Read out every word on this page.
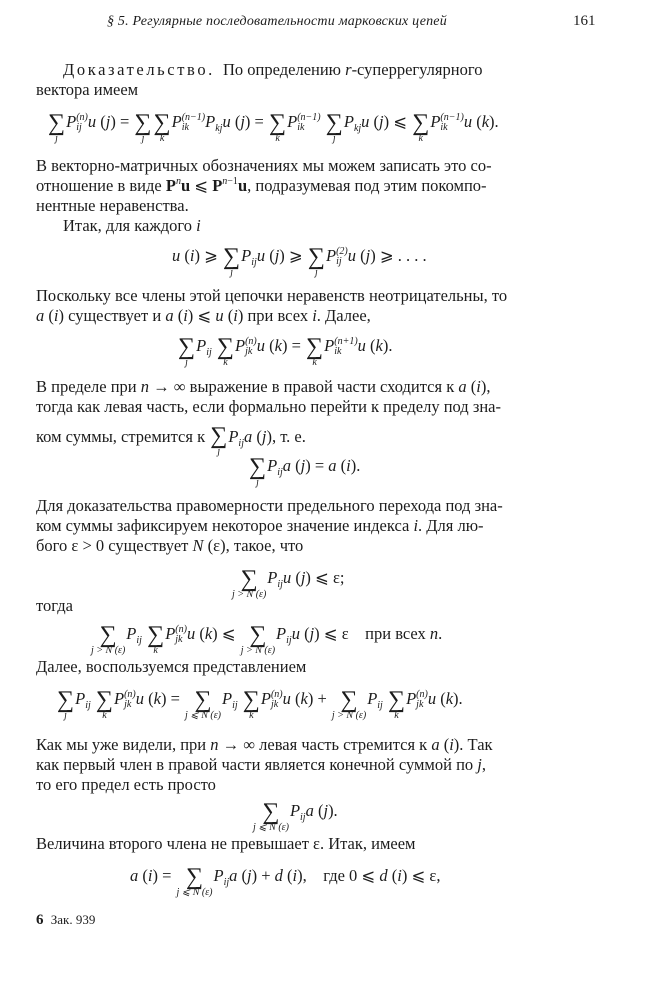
§ 5. Регулярные последовательности марковских цепей	161
Доказательство. По определению r-суперрегулярного
вектора имеем
∑
j
P (n)
ij u (j) = ∑
j
∑
k
P (n−1)
ik $P_{kj}u$ (j) = ∑
k
P (n−1)
ik
∑
j
$P_{kj}u$ (j) ⩽ ∑
k
P (n−1)
ik u (k).
В векторно-матричных обозначениях мы можем записать это со-
отношение в виде $P^nu$ ⩽ $P^{n-1}u$, подразумевая под этим покомпо-
нентные неравенства.
Итак, для каждого i
u (i) ⩾ ∑
j
$P_{ij}u$ (j) ⩾ ∑
j
P (2)
ij u (j) ⩾ . . . .
Поскольку все члены этой цепочки неравенств неотрицательны, то
a (i) существует и a (i) ⩽ u (i) при всех i. Далее,
∑
j
$P_{ij}$ ∑
k
P (n)
jk u (k) = ∑
k
P (n+1)
ik u (k).
В пределе при n → ∞ выражение в правой части сходится к a (i),
тогда как левая часть, если формально перейти к пределу под зна-
ком суммы, стремится к ∑
j
$P_{ij}a$ (j), т. е.
∑
j
$P_{ij}a$ (j) = a (i).
Для доказательства правомерности предельного перехода под зна-
ком суммы зафиксируем некоторое значение индекса i. Для лю-
бого ε > 0 существует N (ε), такое, что
∑
j > N (ε)
$P_{ij}u$ (j) ⩽ ε;
тогда
∑
j > N (ε)
$P_{ij}$ ∑
k
P (n)
jk u (k) ⩽ ∑
j > N (ε)
$P_{ij}u$ (j) ⩽ ε    при всех n.
Далее, воспользуемся представлением
∑
j
$P_{ij}$ ∑
k
P (n)
jk u (k) = ∑
j ⩽ N (ε)
$P_{ij}$ ∑
k
P (n)
jk u (k) + ∑
j > N (ε)
$P_{ij}$ ∑
k
P (n)
jk u (k).
Как мы уже видели, при n → ∞ левая часть стремится к a (i). Так
как первый член в правой части является конечной суммой по j,
то его предел есть просто
∑
j ⩽ N (ε)
$P_{ij}a$ (j).
Величина второго члена не превышает ε. Итак, имеем
a (i) = ∑
j ⩽ N (ε)
$P_{ij}a$ (j) + d (i),    где 0 ⩽ d (i) ⩽ ε,
6 Зак. 939
